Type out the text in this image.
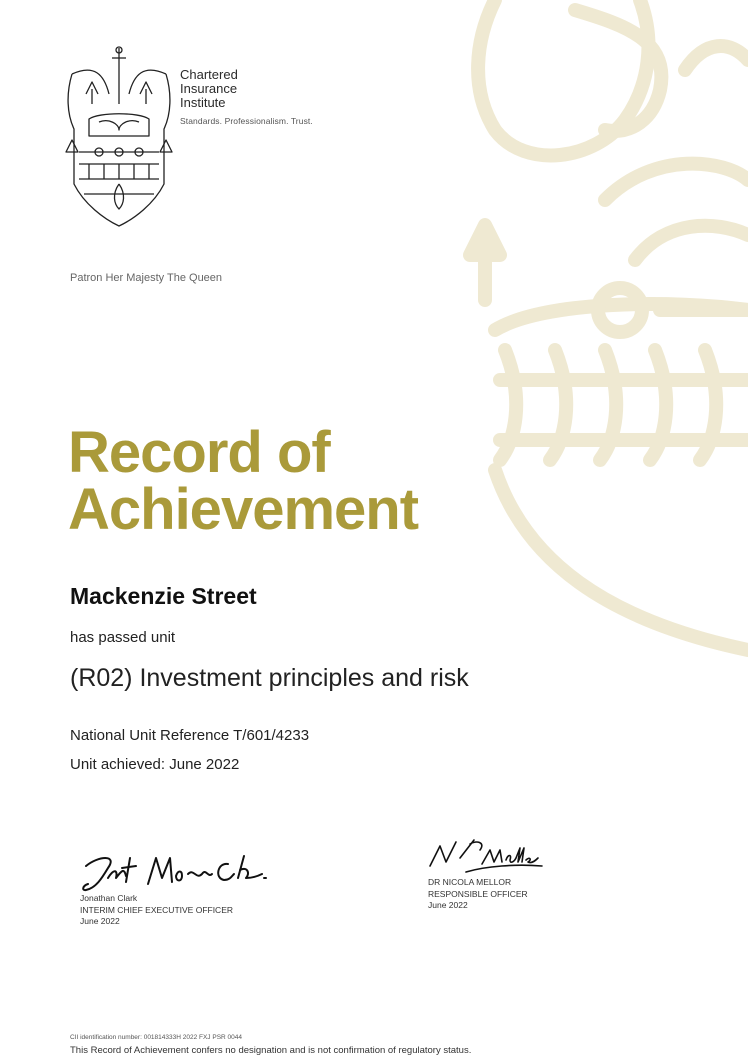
Chartered
Insurance
Institute
Standards. Professionalism. Trust.
Patron Her Majesty The Queen
Record of
Achievement
Mackenzie Street
has passed unit
(R02) Investment principles and risk
National Unit Reference T/601/4233
Unit achieved: June 2022
Jonathan Clark
INTERIM CHIEF EXECUTIVE OFFICER
June 2022
DR NICOLA MELLOR
RESPONSIBLE OFFICER
June 2022
CII identification number: 001814333H 2022 FXJ PSR 0044
This Record of Achievement confers no designation and is not confirmation of regulatory status.
